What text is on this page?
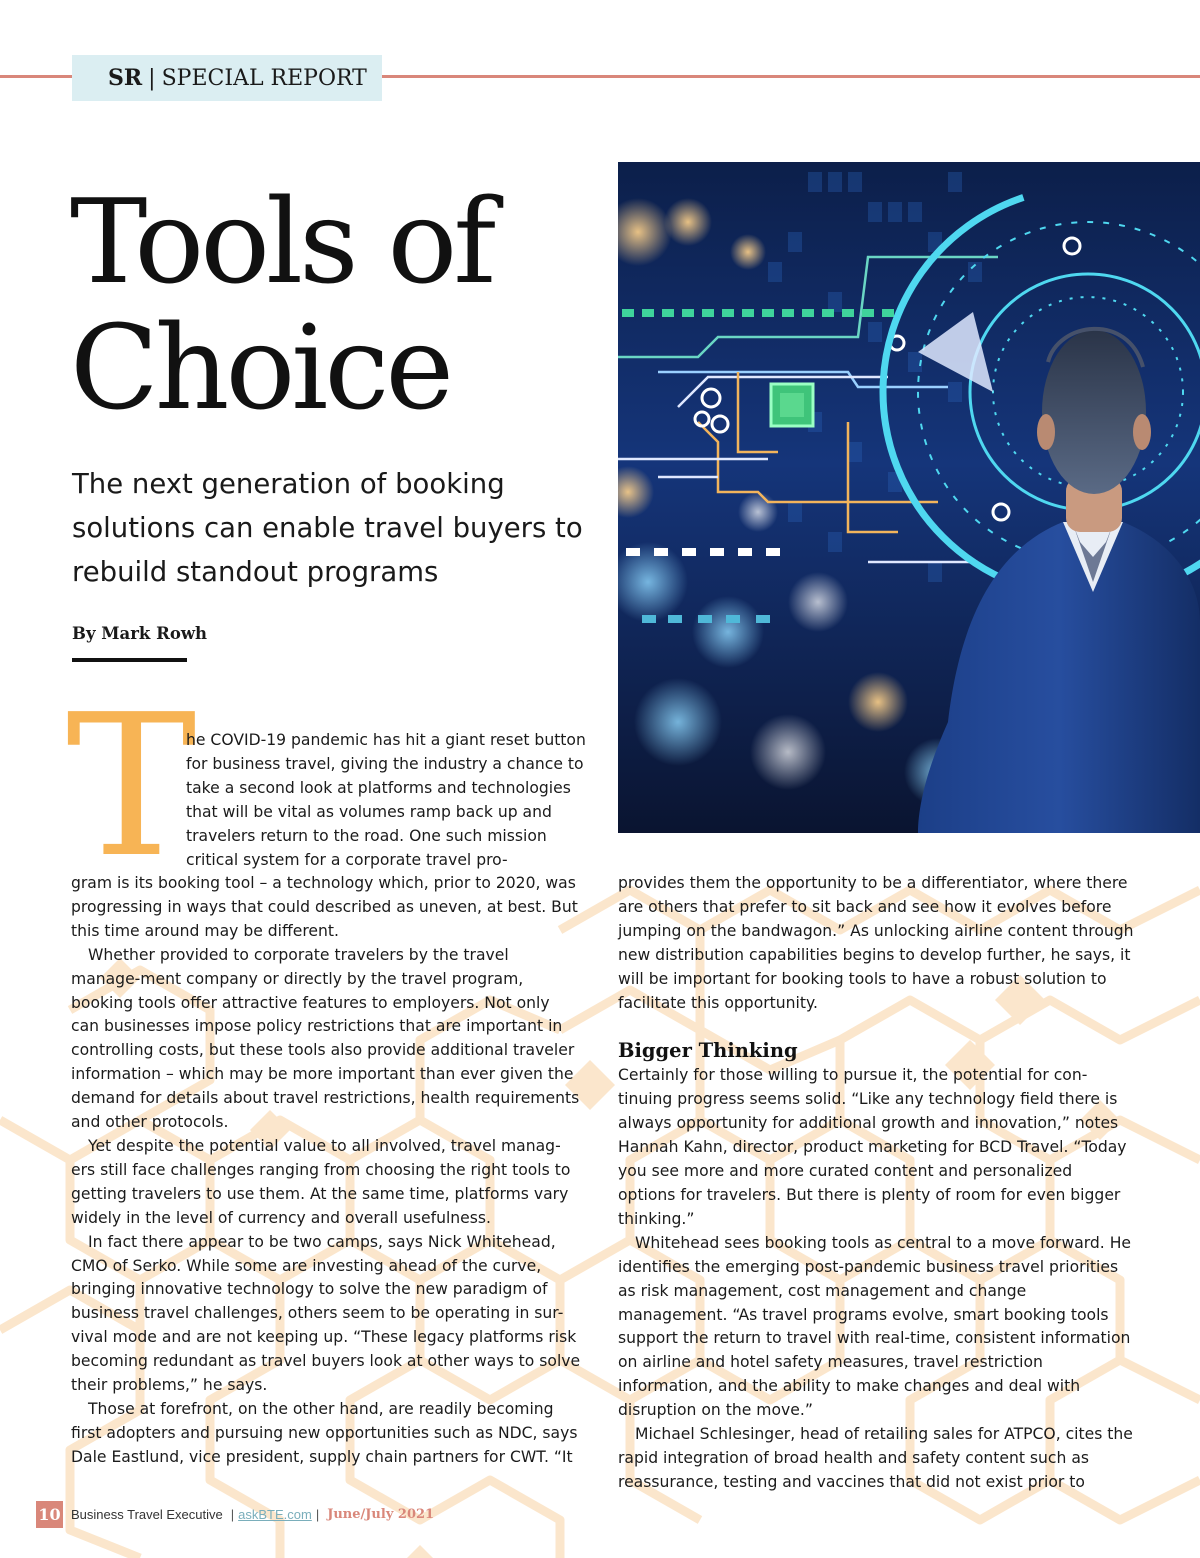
SR | SPECIAL REPORT
Tools of
Choice

The next generation of booking solutions can enable travel buyers to rebuild standout programs

By Mark Rowh

T

he COVID-19 pandemic has hit a giant reset button for business travel, giving the industry a chance to take a second look at platforms and technologies that will be vital as volumes ramp back up and travelers return to the road. One such mission critical system for a corporate travel pro-

gram is its booking tool – a technology which, prior to 2020, was progressing in ways that could described as uneven, at best. But this time around may be different.

Whether provided to corporate travelers by the travel manage-ment company or directly by the travel program, booking tools offer attractive features to employers. Not only can businesses impose policy restrictions that are important in controlling costs, but these tools also provide additional traveler information – which may be more important than ever given the demand for details about travel restrictions, health requirements and other protocols.

Yet despite the potential value to all involved, travel manag-ers still face challenges ranging from choosing the right tools to getting travelers to use them. At the same time, platforms vary widely in the level of currency and overall usefulness.

In fact there appear to be two camps, says Nick Whitehead, CMO of Serko. While some are investing ahead of the curve, bringing innovative technology to solve the new paradigm of business travel challenges, others seem to be operating in sur-vival mode and are not keeping up. “These legacy platforms risk becoming redundant as travel buyers look at other ways to solve their problems,” he says.

Those at forefront, on the other hand, are readily becoming first adopters and pursuing new opportunities such as NDC, says Dale Eastlund, vice president, supply chain partners for CWT. “It

provides them the opportunity to be a differentiator, where there are others that prefer to sit back and see how it evolves before jumping on the bandwagon.” As unlocking airline content through new distribution capabilities begins to develop further, he says, it will be important for booking tools to have a robust solution to facilitate this opportunity.

Bigger Thinking

Certainly for those willing to pursue it, the potential for con-tinuing progress seems solid. “Like any technology field there is always opportunity for additional growth and innovation,” notes Hannah Kahn, director, product marketing for BCD Travel. “Today you see more and more curated content and personalized options for travelers. But there is plenty of room for even bigger thinking.”

Whitehead sees booking tools as central to a move forward. He identifies the emerging post-pandemic business travel priorities as risk management, cost management and change management. “As travel programs evolve, smart booking tools support the return to travel with real-time, consistent information on airline and hotel safety measures, travel restriction information, and the ability to make changes and deal with disruption on the move.”

Michael Schlesinger, head of retailing sales for ATPCO, cites the rapid integration of broad health and safety content such as reassurance, testing and vaccines that did not exist prior to

10 Business Travel Executive | askBTE.com | June/July 2021
